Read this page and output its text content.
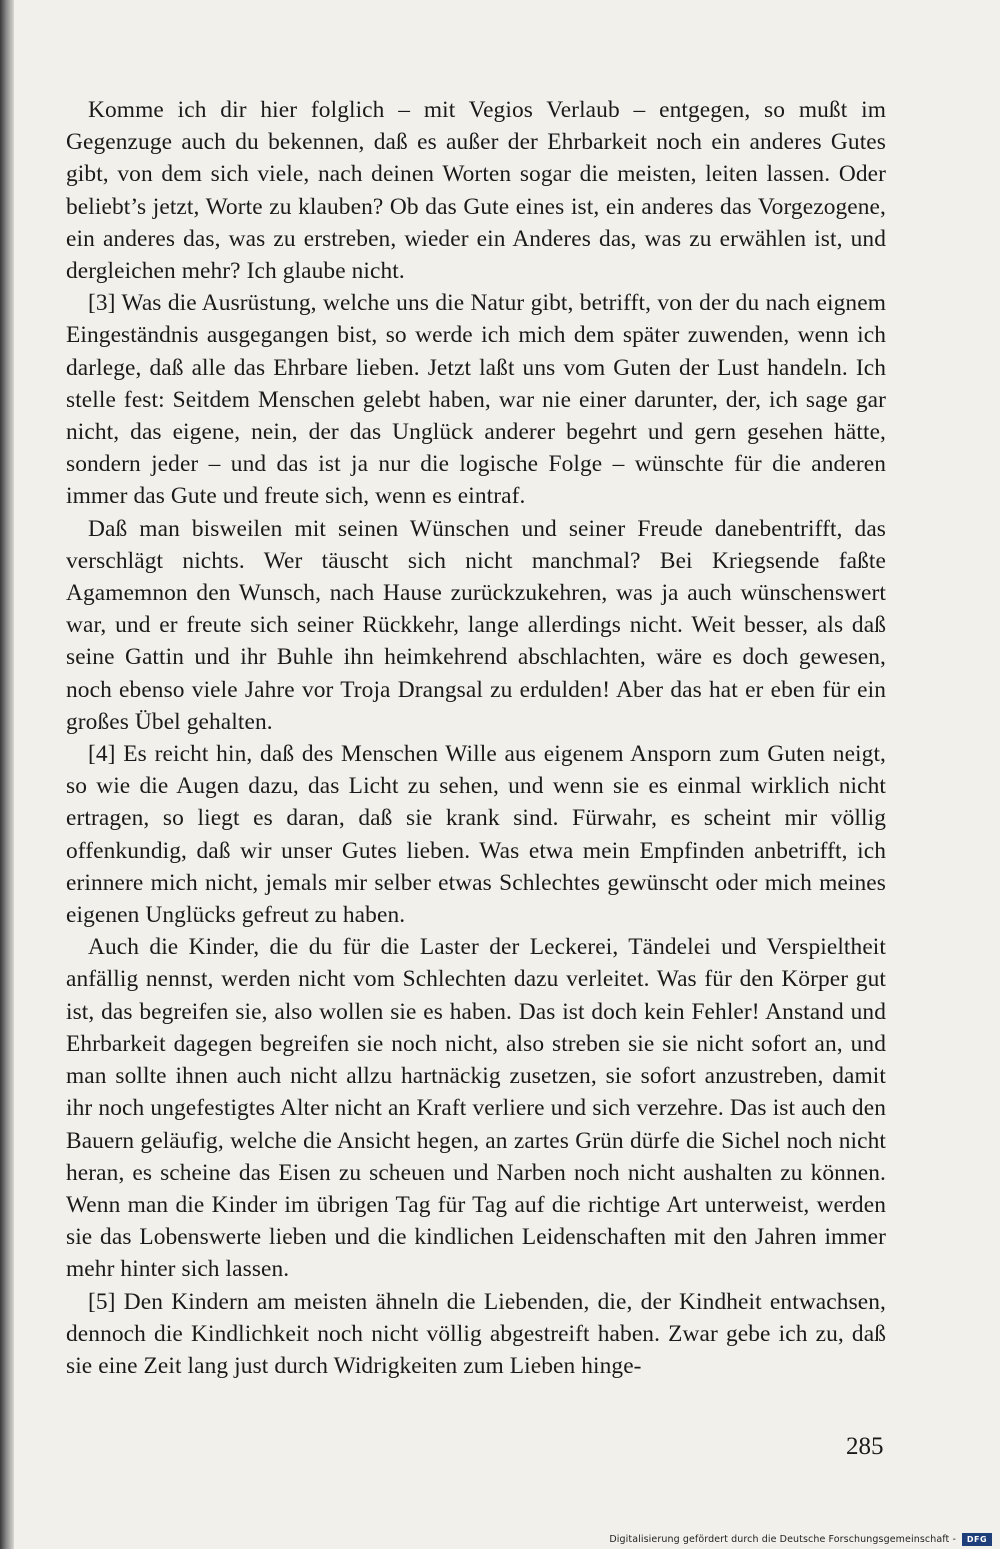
Komme ich dir hier folglich – mit Vegios Verlaub – entgegen, so mußt im Gegenzuge auch du bekennen, daß es außer der Ehrbarkeit noch ein anderes Gutes gibt, von dem sich viele, nach deinen Worten sogar die meisten, leiten lassen. Oder beliebt’s jetzt, Worte zu klauben? Ob das Gute eines ist, ein anderes das Vorgezogene, ein anderes das, was zu erstreben, wieder ein Anderes das, was zu erwählen ist, und dergleichen mehr? Ich glaube nicht.

[3] Was die Ausrüstung, welche uns die Natur gibt, betrifft, von der du nach eignem Eingeständnis ausgegangen bist, so werde ich mich dem später zuwenden, wenn ich darlege, daß alle das Ehrbare lieben. Jetzt laßt uns vom Guten der Lust handeln. Ich stelle fest: Seitdem Menschen gelebt haben, war nie einer darunter, der, ich sage gar nicht, das eigene, nein, der das Unglück anderer begehrt und gern gesehen hätte, sondern jeder – und das ist ja nur die logische Folge – wünschte für die anderen immer das Gute und freute sich, wenn es eintraf.

Daß man bisweilen mit seinen Wünschen und seiner Freude danebentrifft, das verschlägt nichts. Wer täuscht sich nicht manchmal? Bei Kriegsende faßte Agamemnon den Wunsch, nach Hause zurückzukehren, was ja auch wünschenswert war, und er freute sich seiner Rückkehr, lange allerdings nicht. Weit besser, als daß seine Gattin und ihr Buhle ihn heimkehrend abschlachten, wäre es doch gewesen, noch ebenso viele Jahre vor Troja Drangsal zu erdulden! Aber das hat er eben für ein großes Übel gehalten.

[4] Es reicht hin, daß des Menschen Wille aus eigenem Ansporn zum Guten neigt, so wie die Augen dazu, das Licht zu sehen, und wenn sie es einmal wirklich nicht ertragen, so liegt es daran, daß sie krank sind. Fürwahr, es scheint mir völlig offenkundig, daß wir unser Gutes lieben. Was etwa mein Empfinden anbetrifft, ich erinnere mich nicht, jemals mir selber etwas Schlechtes gewünscht oder mich meines eigenen Unglücks gefreut zu haben.

Auch die Kinder, die du für die Laster der Leckerei, Tändelei und Verspieltheit anfällig nennst, werden nicht vom Schlechten dazu verleitet. Was für den Körper gut ist, das begreifen sie, also wollen sie es haben. Das ist doch kein Fehler! Anstand und Ehrbarkeit dagegen begreifen sie noch nicht, also streben sie sie nicht sofort an, und man sollte ihnen auch nicht allzu hartnäckig zusetzen, sie sofort anzustreben, damit ihr noch ungefestigtes Alter nicht an Kraft verliere und sich verzehre. Das ist auch den Bauern geläufig, welche die Ansicht hegen, an zartes Grün dürfe die Sichel noch nicht heran, es scheine das Eisen zu scheuen und Narben noch nicht aushalten zu können. Wenn man die Kinder im übrigen Tag für Tag auf die richtige Art unterweist, werden sie das Lobenswerte lieben und die kindlichen Leidenschaften mit den Jahren immer mehr hinter sich lassen.

[5] Den Kindern am meisten ähneln die Liebenden, die, der Kindheit entwachsen, dennoch die Kindlichkeit noch nicht völlig abgestreift haben. Zwar gebe ich zu, daß sie eine Zeit lang just durch Widrigkeiten zum Lieben hinge-

285
Digitalisierung gefördert durch die Deutsche Forschungsgemeinschaft -	DFG
